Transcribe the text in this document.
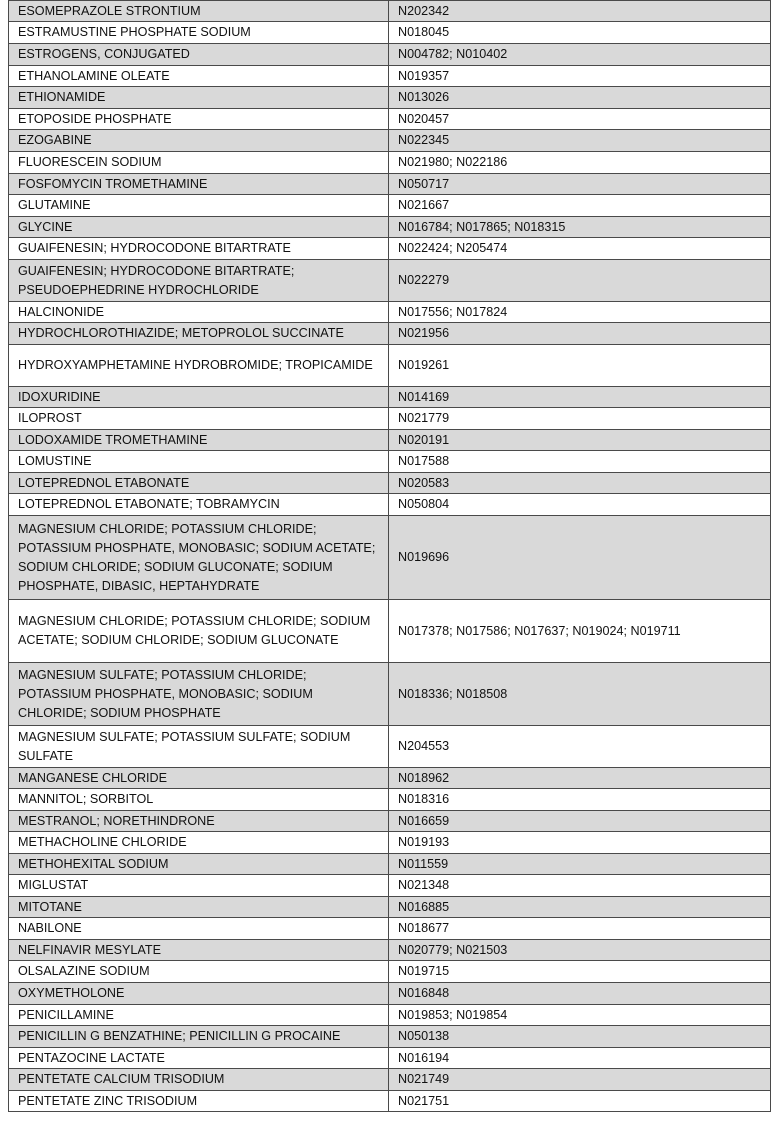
ESOMEPRAZOLE STRONTIUM	N202342
ESTRAMUSTINE PHOSPHATE SODIUM	N018045
ESTROGENS, CONJUGATED	N004782; N010402
ETHANOLAMINE OLEATE	N019357
ETHIONAMIDE	N013026
ETOPOSIDE PHOSPHATE	N020457
EZOGABINE	N022345
FLUORESCEIN SODIUM	N021980; N022186
FOSFOMYCIN TROMETHAMINE	N050717
GLUTAMINE	N021667
GLYCINE	N016784; N017865; N018315
GUAIFENESIN; HYDROCODONE BITARTRATE	N022424; N205474
GUAIFENESIN; HYDROCODONE BITARTRATE; PSEUDOEPHEDRINE HYDROCHLORIDE	N022279
HALCINONIDE	N017556; N017824
HYDROCHLOROTHIAZIDE; METOPROLOL SUCCINATE	N021956
HYDROXYAMPHETAMINE HYDROBROMIDE; TROPICAMIDE	N019261
IDOXURIDINE	N014169
ILOPROST	N021779
LODOXAMIDE TROMETHAMINE	N020191
LOMUSTINE	N017588
LOTEPREDNOL ETABONATE	N020583
LOTEPREDNOL ETABONATE; TOBRAMYCIN	N050804
MAGNESIUM CHLORIDE; POTASSIUM CHLORIDE; POTASSIUM PHOSPHATE, MONOBASIC; SODIUM ACETATE; SODIUM CHLORIDE; SODIUM GLUCONATE; SODIUM PHOSPHATE, DIBASIC, HEPTAHYDRATE	N019696
MAGNESIUM CHLORIDE; POTASSIUM CHLORIDE; SODIUM ACETATE; SODIUM CHLORIDE; SODIUM GLUCONATE	N017378; N017586; N017637; N019024; N019711
MAGNESIUM SULFATE; POTASSIUM CHLORIDE; POTASSIUM PHOSPHATE, MONOBASIC; SODIUM CHLORIDE; SODIUM PHOSPHATE	N018336; N018508
MAGNESIUM SULFATE; POTASSIUM SULFATE; SODIUM SULFATE	N204553
MANGANESE CHLORIDE	N018962
MANNITOL; SORBITOL	N018316
MESTRANOL; NORETHINDRONE	N016659
METHACHOLINE CHLORIDE	N019193
METHOHEXITAL SODIUM	N011559
MIGLUSTAT	N021348
MITOTANE	N016885
NABILONE	N018677
NELFINAVIR MESYLATE	N020779; N021503
OLSALAZINE SODIUM	N019715
OXYMETHOLONE	N016848
PENICILLAMINE	N019853; N019854
PENICILLIN G BENZATHINE; PENICILLIN G PROCAINE	N050138
PENTAZOCINE LACTATE	N016194
PENTETATE CALCIUM TRISODIUM	N021749
PENTETATE ZINC TRISODIUM	N021751
